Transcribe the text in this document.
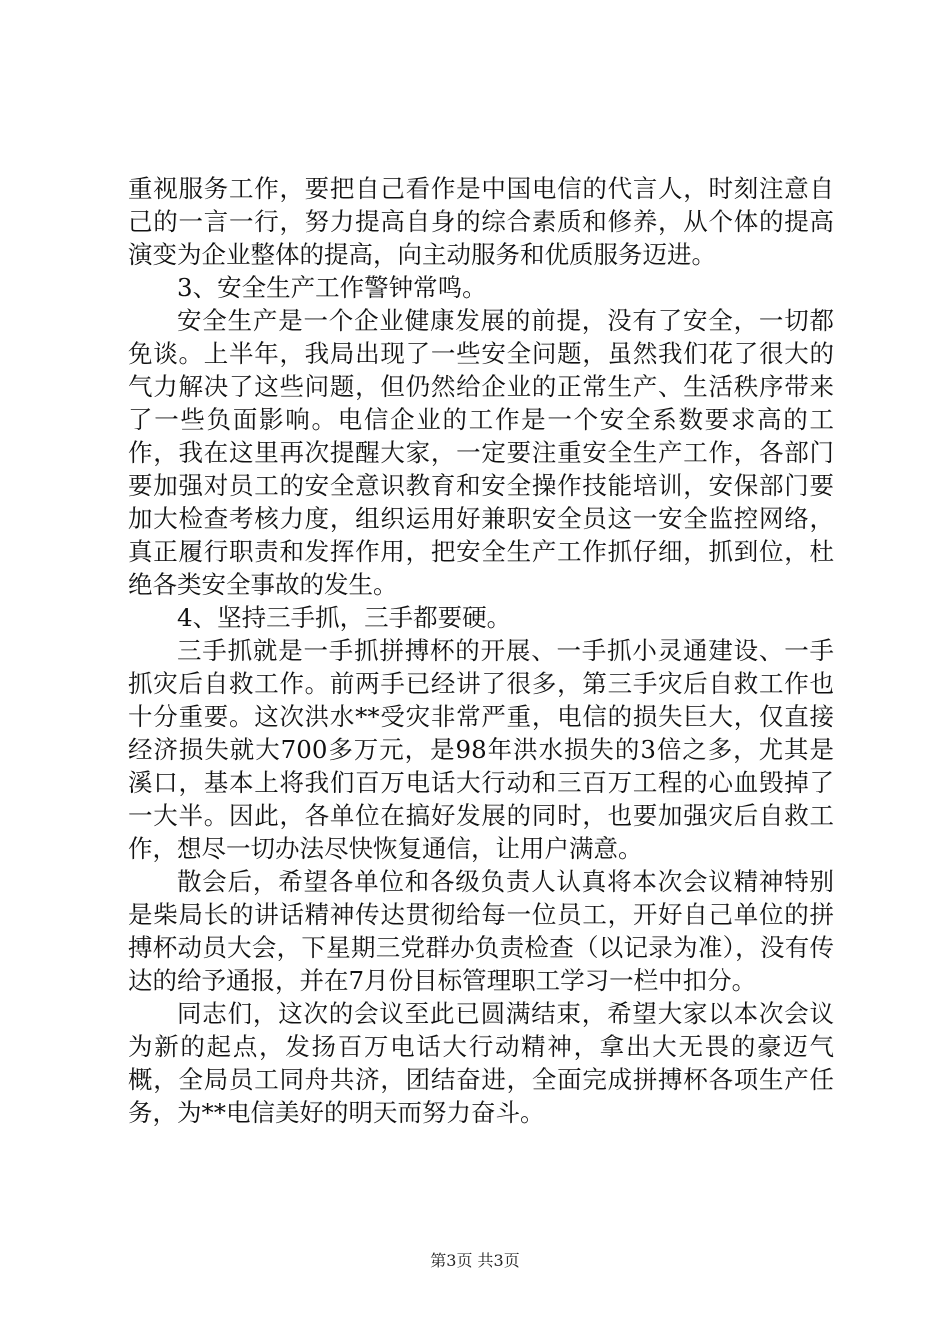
重视服务工作，要把自己看作是中国电信的代言人，时刻注意自己的一言一行，努力提高自身的综合素质和修养，从个体的提高演变为企业整体的提高，向主动服务和优质服务迈进。

3、安全生产工作警钟常鸣。

安全生产是一个企业健康发展的前提，没有了安全，一切都免谈。上半年，我局出现了一些安全问题，虽然我们花了很大的气力解决了这些问题，但仍然给企业的正常生产、生活秩序带来了一些负面影响。电信企业的工作是一个安全系数要求高的工作，我在这里再次提醒大家，一定要注重安全生产工作，各部门要加强对员工的安全意识教育和安全操作技能培训，安保部门要加大检查考核力度，组织运用好兼职安全员这一安全监控网络，真正履行职责和发挥作用，把安全生产工作抓仔细，抓到位，杜绝各类安全事故的发生。

4、坚持三手抓，三手都要硬。

三手抓就是一手抓拼搏杯的开展、一手抓小灵通建设、一手抓灾后自救工作。前两手已经讲了很多，第三手灾后自救工作也十分重要。这次洪水**受灾非常严重，电信的损失巨大，仅直接经济损失就大700多万元，是98年洪水损失的3倍之多，尤其是溪口，基本上将我们百万电话大行动和三百万工程的心血毁掉了一大半。因此，各单位在搞好发展的同时，也要加强灾后自救工作，想尽一切办法尽快恢复通信，让用户满意。

散会后，希望各单位和各级负责人认真将本次会议精神特别是柴局长的讲话精神传达贯彻给每一位员工，开好自己单位的拼搏杯动员大会，下星期三党群办负责检查（以记录为准），没有传达的给予通报，并在7月份目标管理职工学习一栏中扣分。

同志们，这次的会议至此已圆满结束，希望大家以本次会议为新的起点，发扬百万电话大行动精神，拿出大无畏的豪迈气概，全局员工同舟共济，团结奋进，全面完成拼搏杯各项生产任务，为**电信美好的明天而努力奋斗。

第3页 共3页
